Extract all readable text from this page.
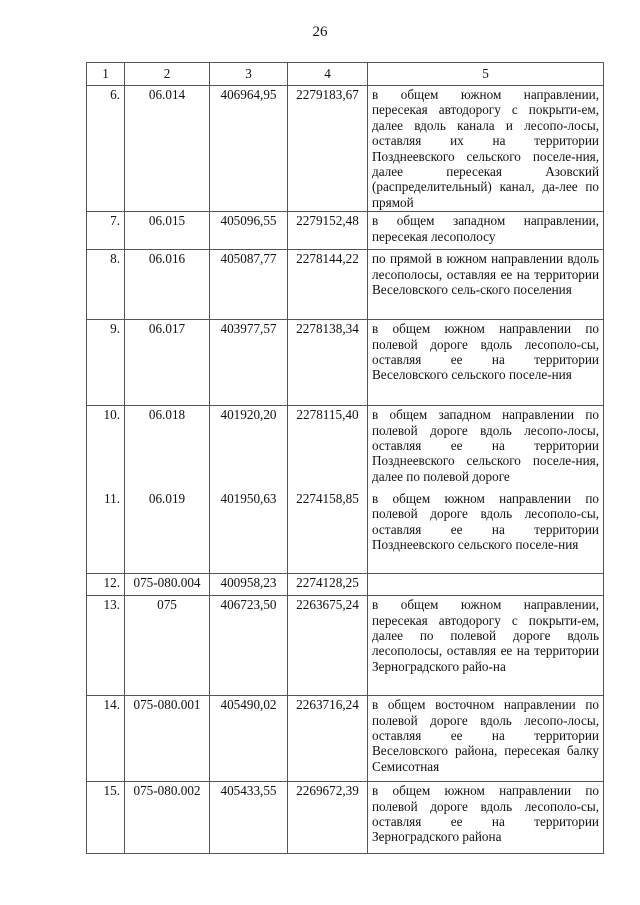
26
1	2	3	4	5
6.	06.014	406964,95	2279183,67	в общем южном направлении, пересекая автодорогу с покрыти-ем, далее вдоль канала и лесопо-лосы, оставляя их на территории Позднеевского сельского поселе-ния, далее пересекая Азовский (распределительный) канал, да-лее по прямой
7.	06.015	405096,55	2279152,48	в общем западном направлении, пересекая лесополосу
8.	06.016	405087,77	2278144,22	по прямой в южном направлении вдоль лесополосы, оставляя ее на территории Веселовского сель-ского поселения
9.	06.017	403977,57	2278138,34	в общем южном направлении по полевой дороге вдоль лесополо-сы, оставляя ее на территории Веселовского сельского поселе-ния
10.	06.018	401920,20	2278115,40	в общем западном направлении по полевой дороге вдоль лесопо-лосы, оставляя ее на территории Позднеевского сельского поселе-ния, далее по полевой дороге
11.	06.019	401950,63	2274158,85	в общем южном направлении по полевой дороге вдоль лесополо-сы, оставляя ее на территории Позднеевского сельского поселе-ния
12.	075-080.004	400958,23	2274128,25	
13.	075	406723,50	2263675,24	в общем южном направлении, пересекая автодорогу с покрыти-ем, далее по полевой дороге вдоль лесополосы, оставляя ее на территории Зерноградского райо-на
14.	075-080.001	405490,02	2263716,24	в общем восточном направлении по полевой дороге вдоль лесопо-лосы, оставляя ее на территории Веселовского района, пересекая балку Семисотная
15.	075-080.002	405433,55	2269672,39	в общем южном направлении по полевой дороге вдоль лесополо-сы, оставляя ее на территории Зерноградского района
